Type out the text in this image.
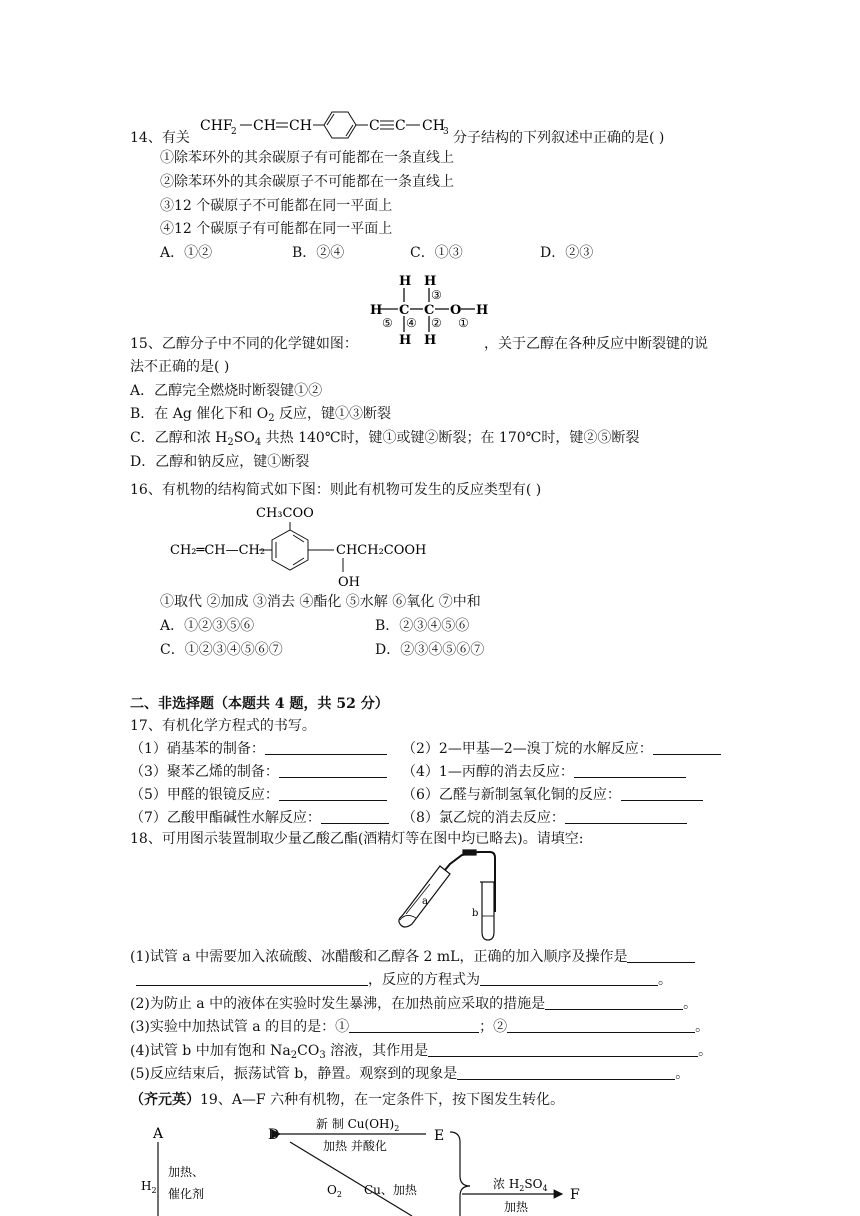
CHF
2 CH CH	C C CH
3
14、有关	分子结构的下列叙述中正确的是( )
①除苯环外的其余碳原子有可能都在一条直线上
②除苯环外的其余碳原子不可能都在一条直线上
③12 个碳原子不可能都在同一平面上
④12 个碳原子有可能都在同一平面上
A．①②	B．②④	C．①③	D．②③
H H
H C C O H
H H
③
⑤ ④ ② ①
15、乙醇分子中不同的化学键如图：	，关于乙醇在各种反应中断裂键的说
法不正确的是( )
A．乙醇完全燃烧时断裂键①②
B．在 Ag 催化下和 $O_2$ 反应，键①③断裂
C．乙醇和浓 $H_2SO_4$ 共热 140℃时，键①或键②断裂；在 170℃时，键②⑤断裂
D．乙醇和钠反应，键①断裂
16、有机物的结构简式如下图：则此有机物可发生的反应类型有( )
CH₃COO
CH₂═CH—CH₂	CHCH₂COOH
OH
①取代 ②加成 ③消去 ④酯化 ⑤水解 ⑥氧化 ⑦中和
A．①②③⑤⑥	B．②③④⑤⑥
C．①②③④⑤⑥⑦	D．②③④⑤⑥⑦
二、非选择题（本题共 4 题，共 52 分）
17、有机化学方程式的书写。
（1）硝基苯的制备：	（2）2—甲基—2—溴丁烷的水解反应：
（3）聚苯乙烯的制备：	（4）1—丙醇的消去反应：
（5）甲醛的银镜反应：	（6）乙醛与新制氢氧化铜的反应：
（7）乙酸甲酯碱性水解反应：	（8）氯乙烷的消去反应：
18、可用图示装置制取少量乙酸乙酯(酒精灯等在图中均已略去)。请填空:
a
b
(1)试管 a 中需要加入浓硫酸、冰醋酸和乙醇各 2 mL，正确的加入顺序及操作是
，反应的方程式为	。
(2)为防止 a 中的液体在实验时发生暴沸，在加热前应采取的措施是	。
(3)实验中加热试管 a 的目的是：①	；②	。
(4)试管 b 中加有饱和 $Na_2CO_3$ 溶液，其作用是	。
(5)反应结束后，振荡试管 b，静置。观察到的现象是	。
（齐元英）19、A—F 六种有机物，在一定条件下，按下图发生转化。
A	D	E
F
新 制 $Cu(OH)_2$
加热 并酸化
$H_2$
加热、
催化剂	$O_2$ Cu、加热	浓 $H_2SO_4$
加热
